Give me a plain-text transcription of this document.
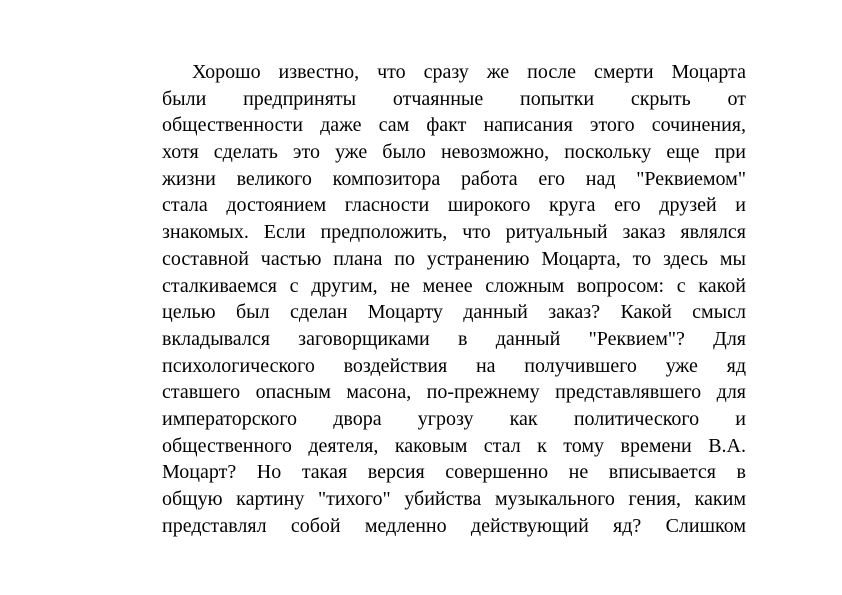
Хорошо известно, что сразу же после смерти Моцарта
были предприняты отчаянные попытки скрыть от
общественности даже сам факт написания этого сочинения,
хотя сделать это уже было невозможно, поскольку еще при
жизни великого композитора работа его над "Реквиемом"
стала достоянием гласности широкого круга его друзей и
знакомых. Если предположить, что ритуальный заказ являлся
составной частью плана по устранению Моцарта, то здесь мы
сталкиваемся с другим, не менее сложным вопросом: с какой
целью был сделан Моцарту данный заказ? Какой смысл
вкладывался заговорщиками в данный "Реквием"? Для
психологического воздействия на получившего уже яд
ставшего опасным масона, по-прежнему представлявшего для
императорского двора угрозу как политического и
общественного деятеля, каковым стал к тому времени В.А.
Моцарт? Но такая версия совершенно не вписывается в
общую картину "тихого" убийства музыкального гения, каким
представлял собой медленно действующий яд? Слишком
